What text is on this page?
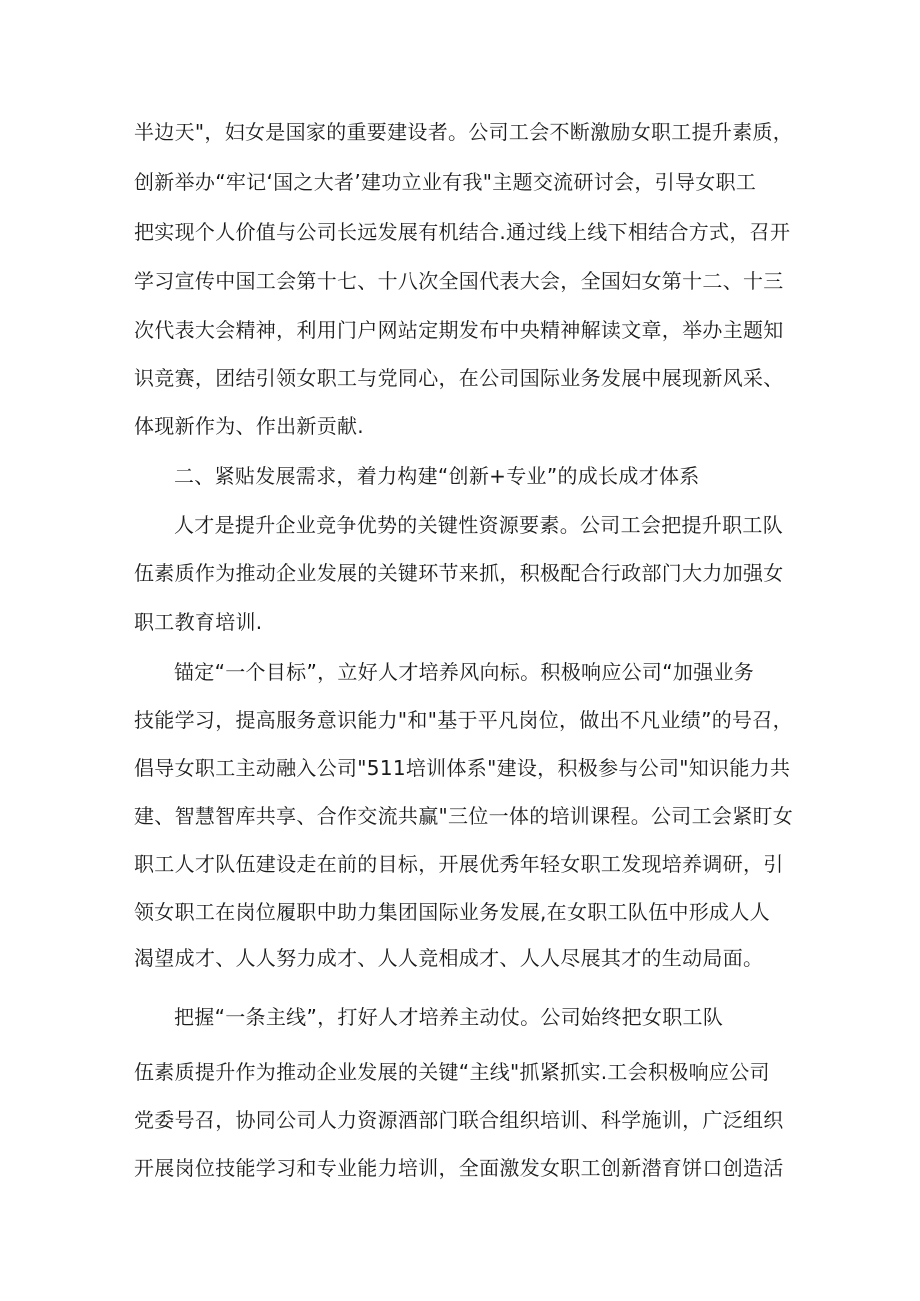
半边天"，妇女是国家的重要建设者。公司工会不断激励女职工提升素质，
创新举办“牢记‘国之大者’建功立业有我"主题交流研讨会，引导女职工
把实现个人价值与公司长远发展有机结合.通过线上线下相结合方式，召开
学习宣传中国工会第十七、十八次全国代表大会，全国妇女第十二、十三
次代表大会精神，利用门户网站定期发布中央精神解读文章，举办主题知
识竞赛，团结引领女职工与党同心，在公司国际业务发展中展现新风采、
体现新作为、作出新贡献.
二、紧贴发展需求，着力构建“创新+专业”的成长成才体系
人才是提升企业竞争优势的关键性资源要素。公司工会把提升职工队
伍素质作为推动企业发展的关键环节来抓，积极配合行政部门大力加强女
职工教育培训.
锚定“一个目标”，立好人才培养风向标。积极响应公司“加强业务
技能学习，提高服务意识能力"和"基于平凡岗位，做出不凡业绩”的号召，
倡导女职工主动融入公司"511培训体系"建设，积极参与公司"知识能力共
建、智慧智库共享、合作交流共赢"三位一体的培训课程。公司工会紧盯女
职工人才队伍建设走在前的目标，开展优秀年轻女职工发现培养调研，引
领女职工在岗位履职中助力集团国际业务发展,在女职工队伍中形成人人
渴望成才、人人努力成才、人人竞相成才、人人尽展其才的生动局面。
把握“一条主线”，打好人才培养主动仗。公司始终把女职工队
伍素质提升作为推动企业发展的关键“主线"抓紧抓实.工会积极响应公司
党委号召，协同公司人力资源酒部门联合组织培训、科学施训，广泛组织
开展岗位技能学习和专业能力培训，全面激发女职工创新潜育饼口创造活
